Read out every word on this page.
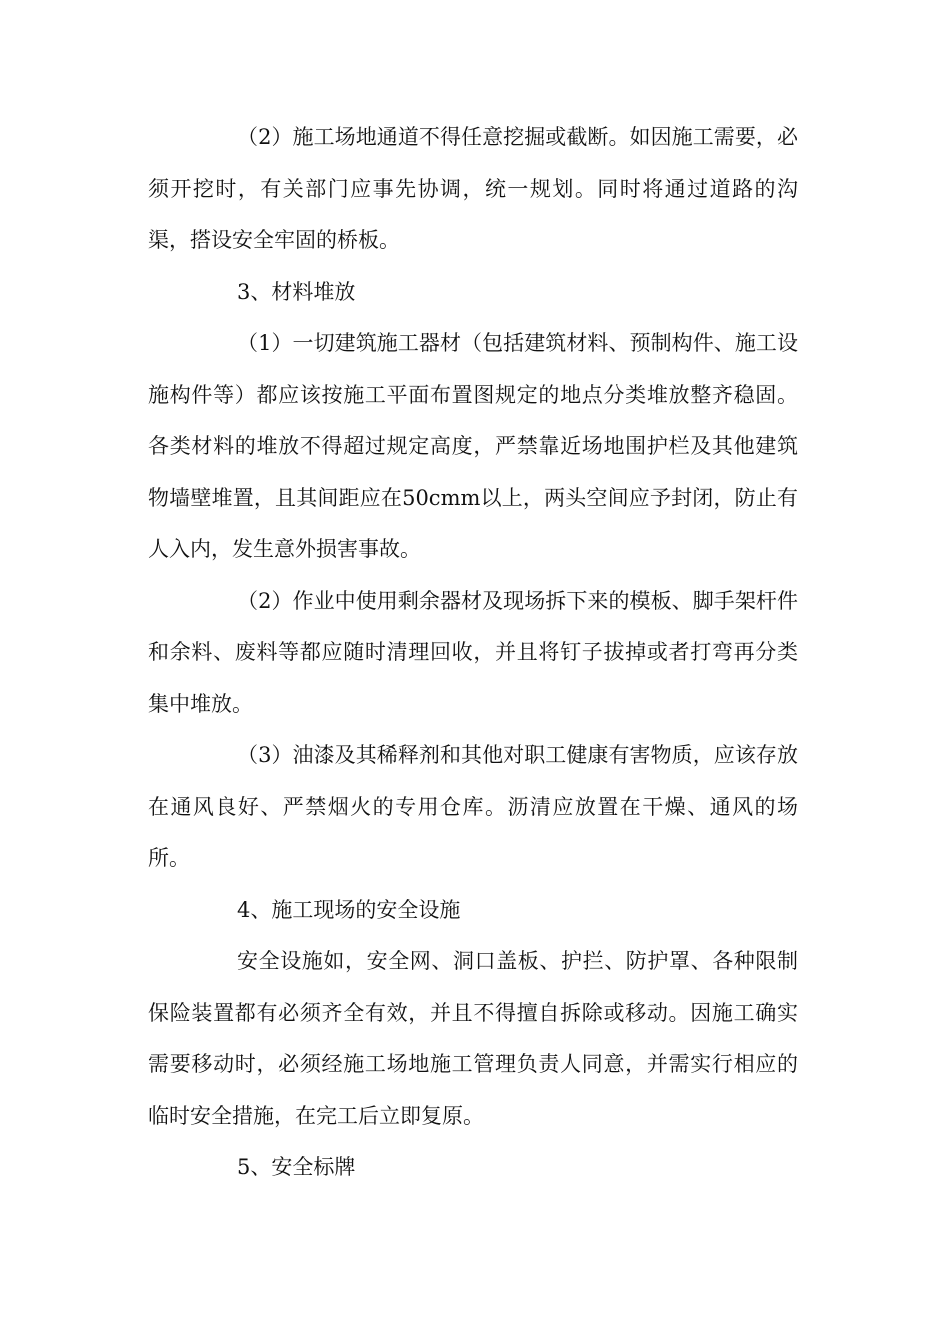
（2）施工场地通道不得任意挖掘或截断。如因施工需要，必须开挖时，有关部门应事先协调，统一规划。同时将通过道路的沟渠，搭设安全牢固的桥板。

3、材料堆放

（1）一切建筑施工器材（包括建筑材料、预制构件、施工设施构件等）都应该按施工平面布置图规定的地点分类堆放整齐稳固。各类材料的堆放不得超过规定高度，严禁靠近场地围护栏及其他建筑物墙壁堆置，且其间距应在50cmm以上，两头空间应予封闭，防止有人入内，发生意外损害事故。

（2）作业中使用剩余器材及现场拆下来的模板、脚手架杆件和余料、废料等都应随时清理回收，并且将钉子拔掉或者打弯再分类集中堆放。

（3）油漆及其稀释剂和其他对职工健康有害物质，应该存放在通风良好、严禁烟火的专用仓库。沥清应放置在干燥、通风的场所。

4、施工现场的安全设施

安全设施如，安全网、洞口盖板、护拦、防护罩、各种限制保险装置都有必须齐全有效，并且不得擅自拆除或移动。因施工确实需要移动时，必须经施工场地施工管理负责人同意，并需实行相应的临时安全措施，在完工后立即复原。

5、安全标牌
